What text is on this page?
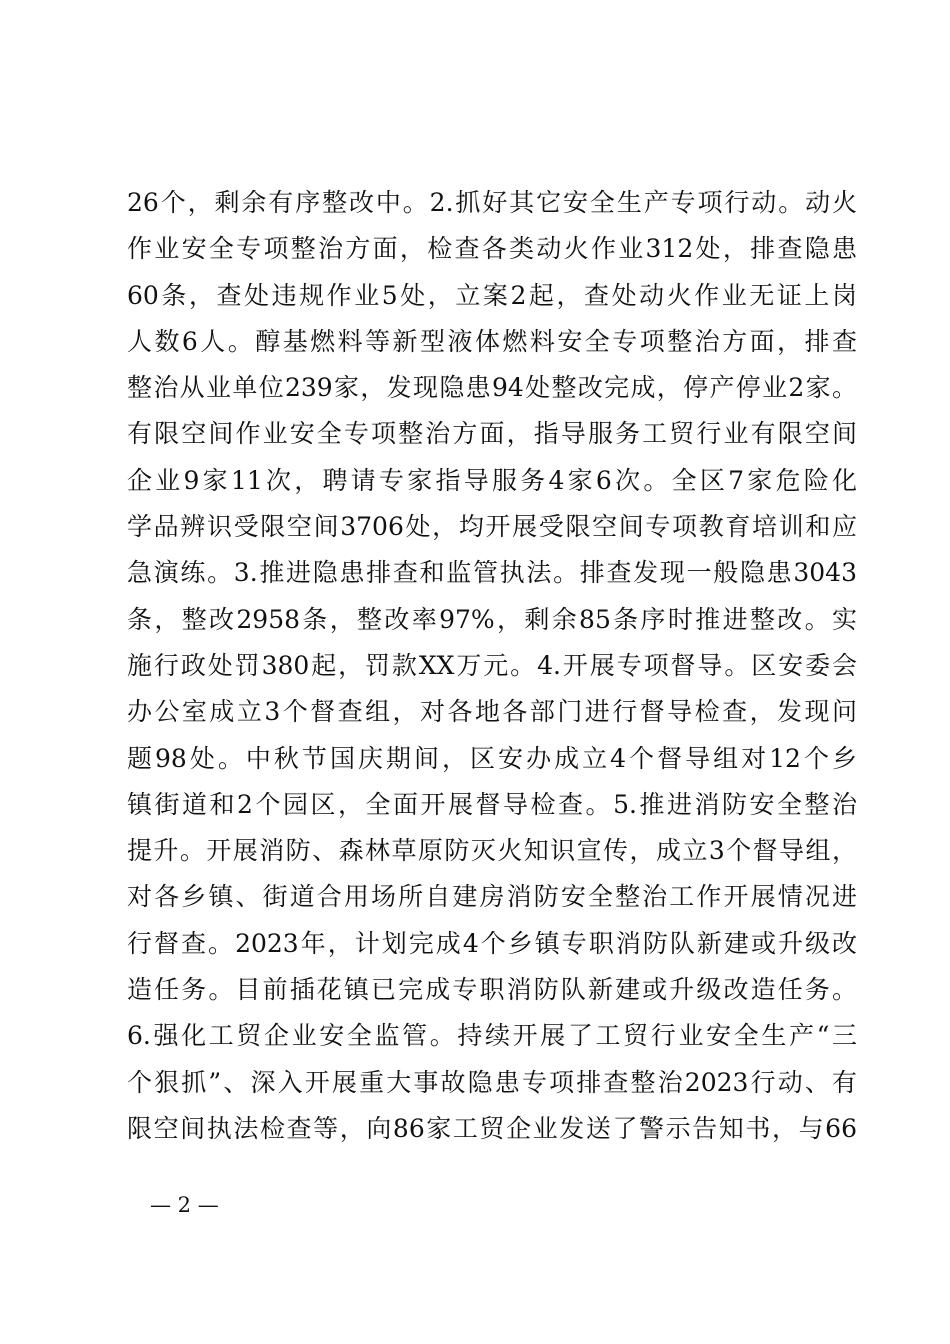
26个，剩余有序整改中。2.抓好其它安全生产专项行动。动火
作业安全专项整治方面，检查各类动火作业312处，排查隐患
60条，查处违规作业5处，立案2起，查处动火作业无证上岗
人数6人。醇基燃料等新型液体燃料安全专项整治方面，排查
整治从业单位239家，发现隐患94处整改完成，停产停业2家。
有限空间作业安全专项整治方面，指导服务工贸行业有限空间
企业9家11次，聘请专家指导服务4家6次。全区7家危险化
学品辨识受限空间3706处，均开展受限空间专项教育培训和应
急演练。3.推进隐患排查和监管执法。排查发现一般隐患3043
条，整改2958条，整改率97%，剩余85条序时推进整改。实
施行政处罚380起，罚款XX万元。4.开展专项督导。区安委会
办公室成立3个督查组，对各地各部门进行督导检查，发现问
题98处。中秋节国庆期间，区安办成立4个督导组对12个乡
镇街道和2个园区，全面开展督导检查。5.推进消防安全整治
提升。开展消防、森林草原防灭火知识宣传，成立3个督导组，
对各乡镇、街道合用场所自建房消防安全整治工作开展情况进
行督查。2023年，计划完成4个乡镇专职消防队新建或升级改
造任务。目前插花镇已完成专职消防队新建或升级改造任务。
6.强化工贸企业安全监管。持续开展了工贸行业安全生产“三
个狠抓”、深入开展重大事故隐患专项排查整治2023行动、有
限空间执法检查等，向86家工贸企业发送了警示告知书，与66
— 2 —
